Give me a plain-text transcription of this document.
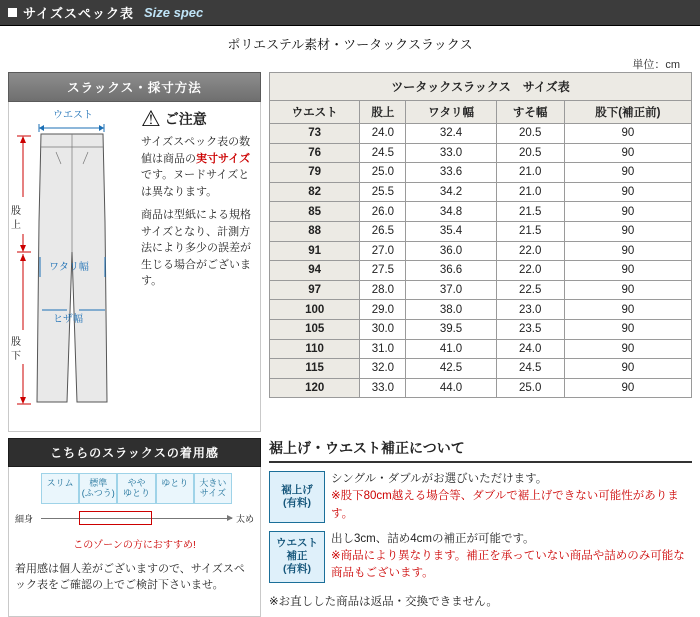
サイズスペック表 Size spec
ポリエステル素材・ツータックスラックス
単位：cm
スラックス・採寸方法
ウエスト
股
上
ワタリ幅
ヒザ幅
股
下
⚠ ご注意

サイズスペック表の数値は商品の実寸サイズです。ヌードサイズとは異なります。

商品は型紙による規格サイズとなり、計測方法により多少の誤差が生じる場合がございます。

ツータックスラックス　サイズ表				
ウエスト	股上	ワタリ幅	すそ幅	股下(補正前)
73	24.0	32.4	20.5	90
76	24.5	33.0	20.5	90
79	25.0	33.6	21.0	90
82	25.5	34.2	21.0	90
85	26.0	34.8	21.5	90
88	26.5	35.4	21.5	90
91	27.0	36.0	22.0	90
94	27.5	36.6	22.0	90
97	28.0	37.0	22.5	90
100	29.0	38.0	23.0	90
105	30.0	39.5	23.5	90
110	31.0	41.0	24.0	90
115	32.0	42.5	24.5	90
120	33.0	44.0	25.0	90
こちらのスラックスの着用感
スリム	標準
(ふつう)
やや
ゆとり
ゆとり	大きい
サイズ
細身	太め
このゾーンの方におすすめ!
着用感は個人差がございますので、サイズスペック表をご確認の上でご検討下さいませ。
裾上げ・ウエスト補正について
裾上げ
(有料)
シングル・ダブルがお選びいただけます。
※股下80cm越える場合等、ダブルで裾上げできない可能性があります。
ウエスト
補正
(有料)
出し3cm、詰め4cmの補正が可能です。
※商品により異なります。補正を承っていない商品や詰めのみ可能な商品もございます。
※お直しした商品は返品・交換できません。
